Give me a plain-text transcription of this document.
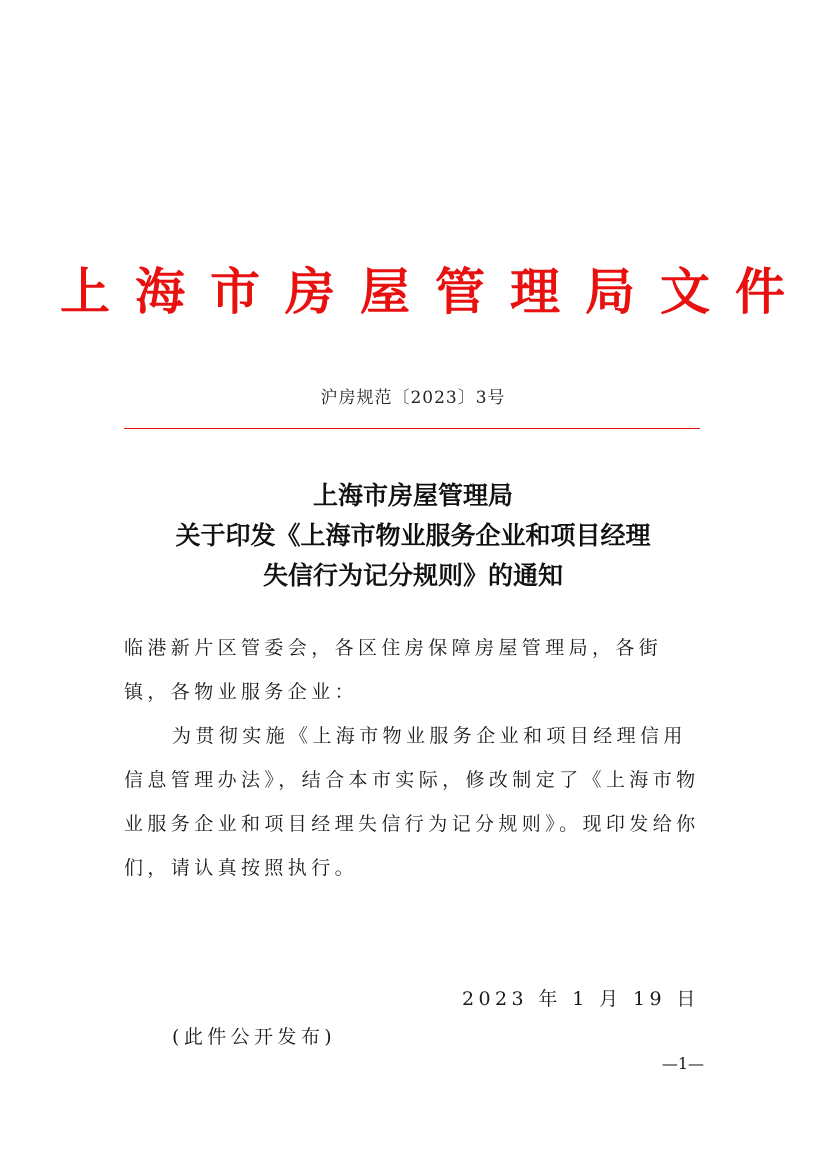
上海市房屋管理局文件
沪房规范〔2023〕3号
上海市房屋管理局
关于印发《上海市物业服务企业和项目经理
失信行为记分规则》的通知
临港新片区管委会，各区住房保障房屋管理局，各街镇，各物业服务企业：
为贯彻实施《上海市物业服务企业和项目经理信用信息管理办法》，结合本市实际，修改制定了《上海市物业服务企业和项目经理失信行为记分规则》。现印发给你们，请认真按照执行。
2023 年 1 月 19 日
(此件公开发布)
—1—
